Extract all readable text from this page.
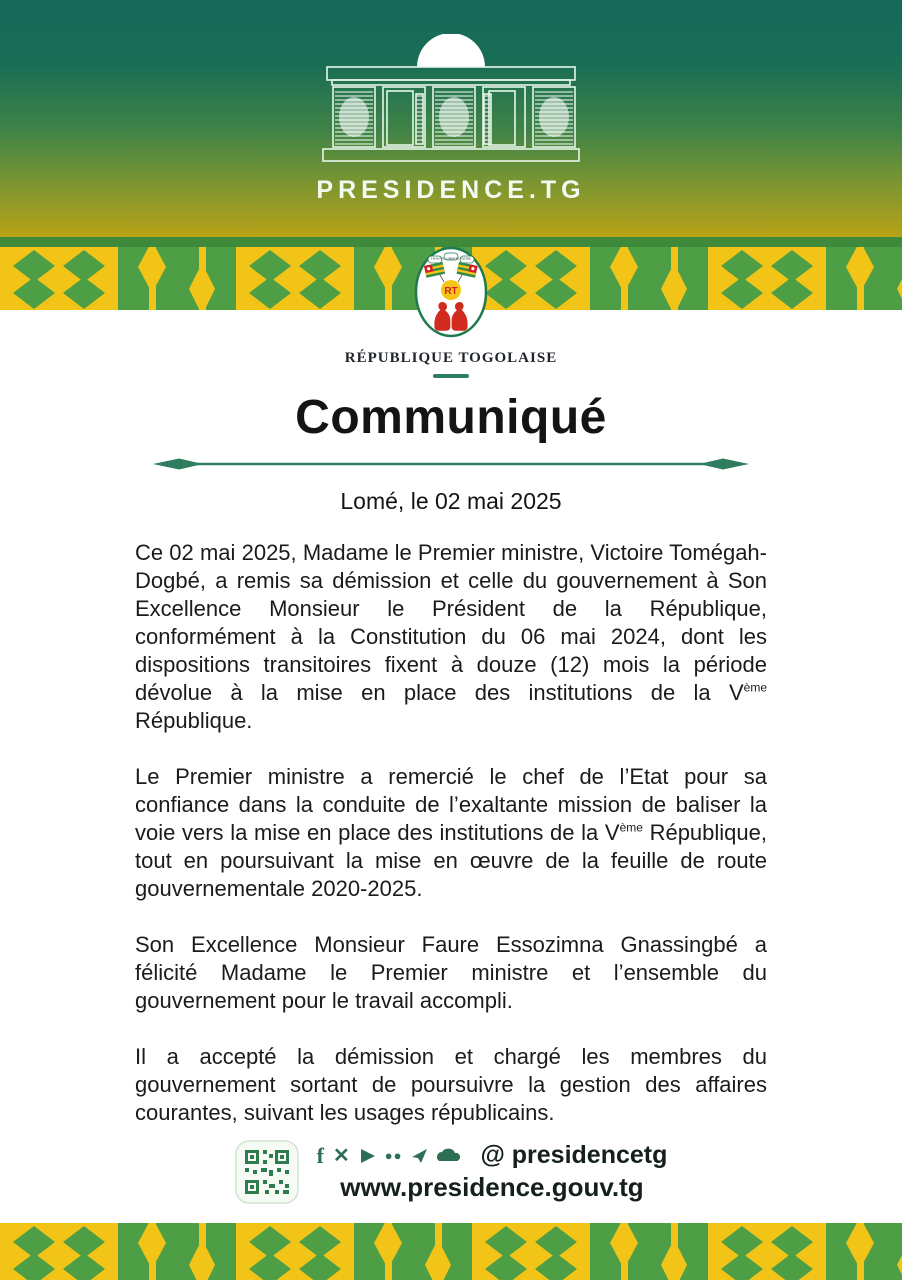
PRESIDENCE.TG
TRAVAIL LIBERTÉ PATRIE
RT
RÉPUBLIQUE TOGOLAISE
Communiqué
Lomé, le 02 mai 2025

Ce 02 mai 2025, Madame le Premier ministre, Victoire Tomégah-Dogbé, a remis sa démission et celle du gouvernement à Son Excellence Monsieur le Président de la République, conformément à la Constitution du 06 mai 2024, dont les dispositions transitoires fixent à douze (12) mois la période dévolue à la mise en place des institutions de la Vème République.

Le Premier ministre a remercié le chef de l’Etat pour sa confiance dans la conduite de l’exaltante mission de baliser la voie vers la mise en place des institutions de la Vème République, tout en poursuivant la mise en œuvre de la feuille de route gouvernementale 2020-2025.

Son Excellence Monsieur Faure Essozimna Gnassingbé a félicité Madame le Premier ministre et l’ensemble du gouvernement pour le travail accompli.

Il a accepté la démission et chargé les membres du gouvernement sortant de poursuivre la gestion des affaires courantes, suivant les usages républicains.

f ✕	●●	@ presidencetg
www.presidence.gouv.tg
